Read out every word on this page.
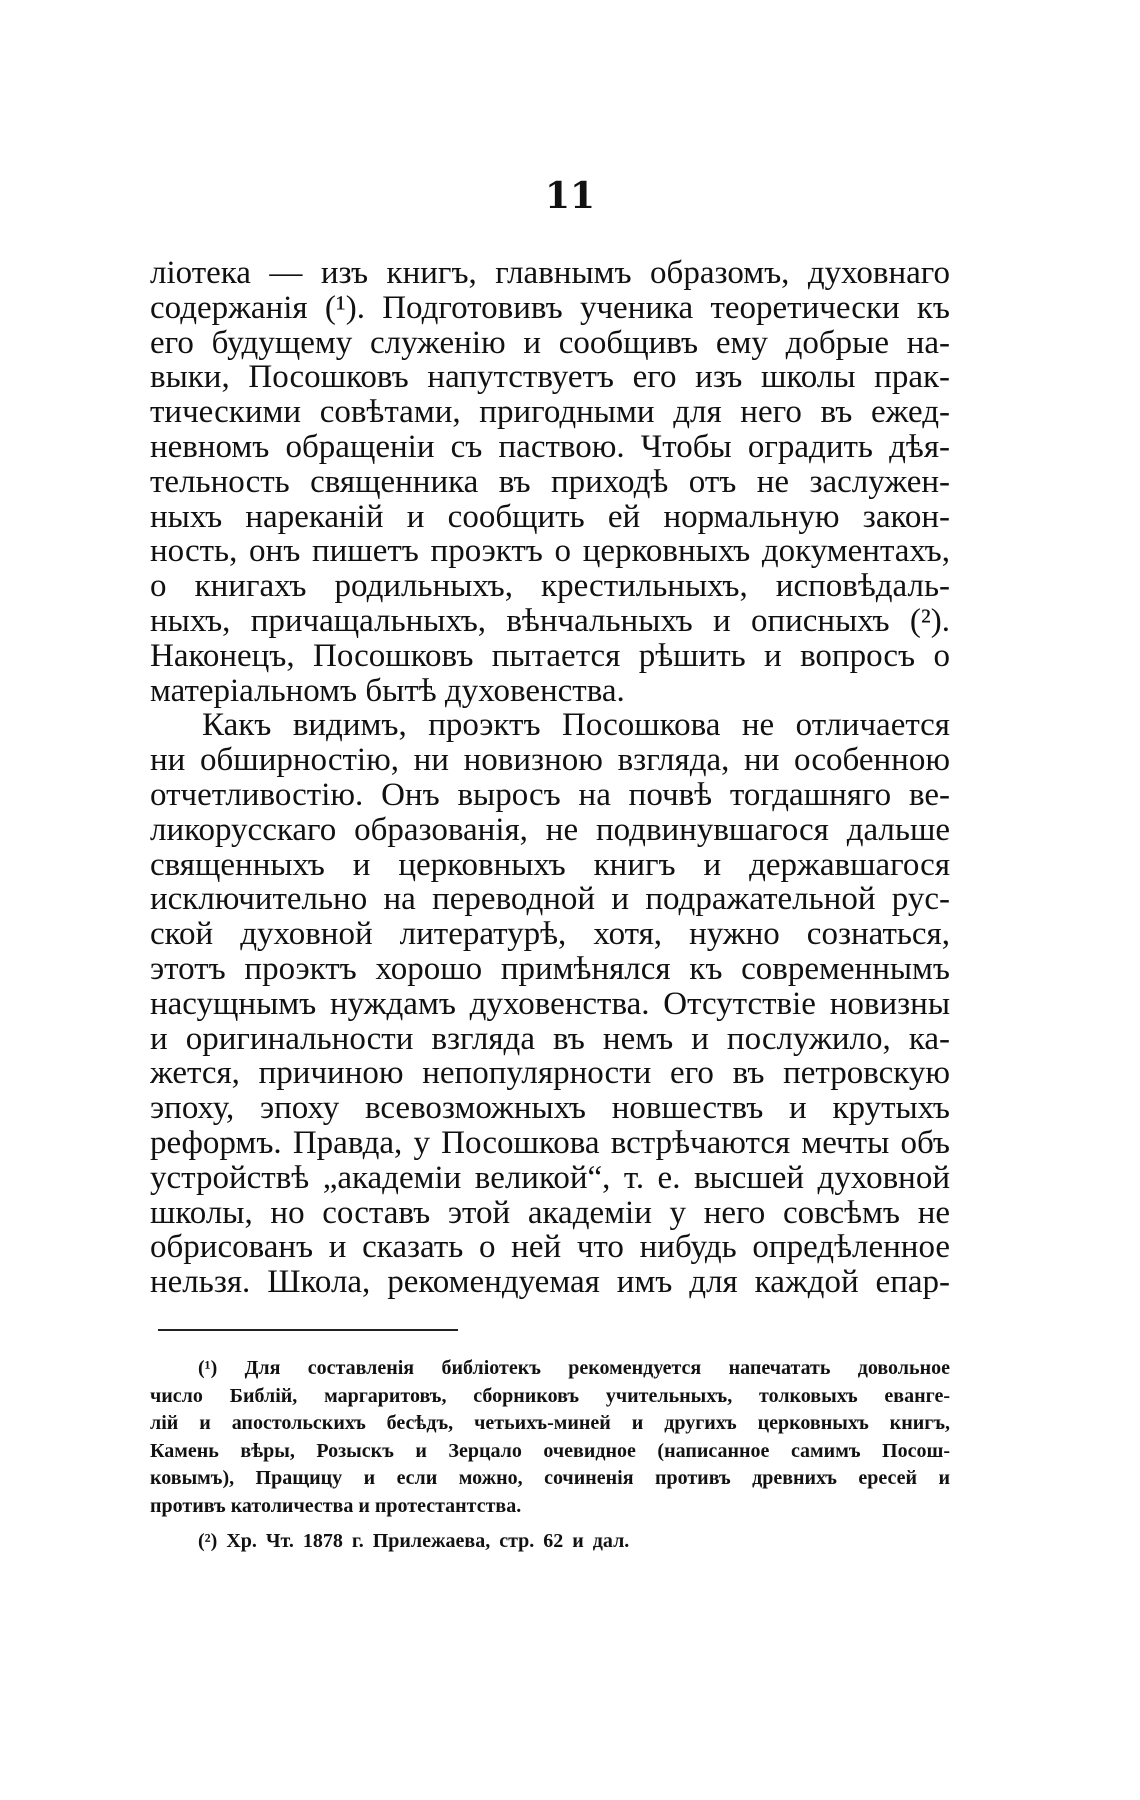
11

ліотека — изъ книгъ, главнымъ образомъ, духовнаго
содержанія (¹). Подготовивъ ученика теоретически къ
его будущему служенію и сообщивъ ему добрые на-
выки, Посошковъ напутствуетъ его изъ школы прак-
тическими совѣтами, пригодными для него въ ежед-
невномъ обращеніи съ паствою. Чтобы оградить дѣя-
тельность священника въ приходѣ отъ не заслужен-
ныхъ нареканій и сообщить ей нормальную закон-
ность, онъ пишетъ проэктъ о церковныхъ документахъ,
о книгахъ родильныхъ, крестильныхъ, исповѣдаль-
ныхъ, причащальныхъ, вѣнчальныхъ и описныхъ (²).
Наконецъ, Посошковъ пытается рѣшить и вопросъ о
матеріальномъ бытѣ духовенства.
Какъ видимъ, проэктъ Посошкова не отличается
ни обширностію, ни новизною взгляда, ни особенною
отчетливостію. Онъ выросъ на почвѣ тогдашняго ве-
ликорусскаго образованія, не подвинувшагося дальше
священныхъ и церковныхъ книгъ и державшагося
исключительно на переводной и подражательной рус-
ской духовной литературѣ, хотя, нужно сознаться,
этотъ проэктъ хорошо примѣнялся къ современнымъ
насущнымъ нуждамъ духовенства. Отсутствіе новизны
и оригинальности взгляда въ немъ и послужило, ка-
жется, причиною непопулярности его въ петровскую
эпоху, эпоху всевозможныхъ новшествъ и крутыхъ
реформъ. Правда, у Посошкова встрѣчаются мечты объ
устройствѣ „академіи великой“, т. е. высшей духовной
школы, но составъ этой академіи у него совсѣмъ не
обрисованъ и сказать о ней что нибудь опредѣленное
нельзя. Школа, рекомендуемая имъ для каждой епар-
(¹) Для составленія библіотекъ рекомендуется напечатать довольное
число Библій, маргаритовъ, сборниковъ учительныхъ, толковыхъ еванге-
лій и апостольскихъ бесѣдъ, четьихъ-миней и другихъ церковныхъ книгъ,
Камень вѣры, Розыскъ и Зерцало очевидное (написанное самимъ Посош-
ковымъ), Пращицу и если можно, сочиненія противъ древнихъ ересей и
противъ католичества и протестантства.
(²) Хр. Чт. 1878 г. Прилежаева, стр. 62 и дал.
